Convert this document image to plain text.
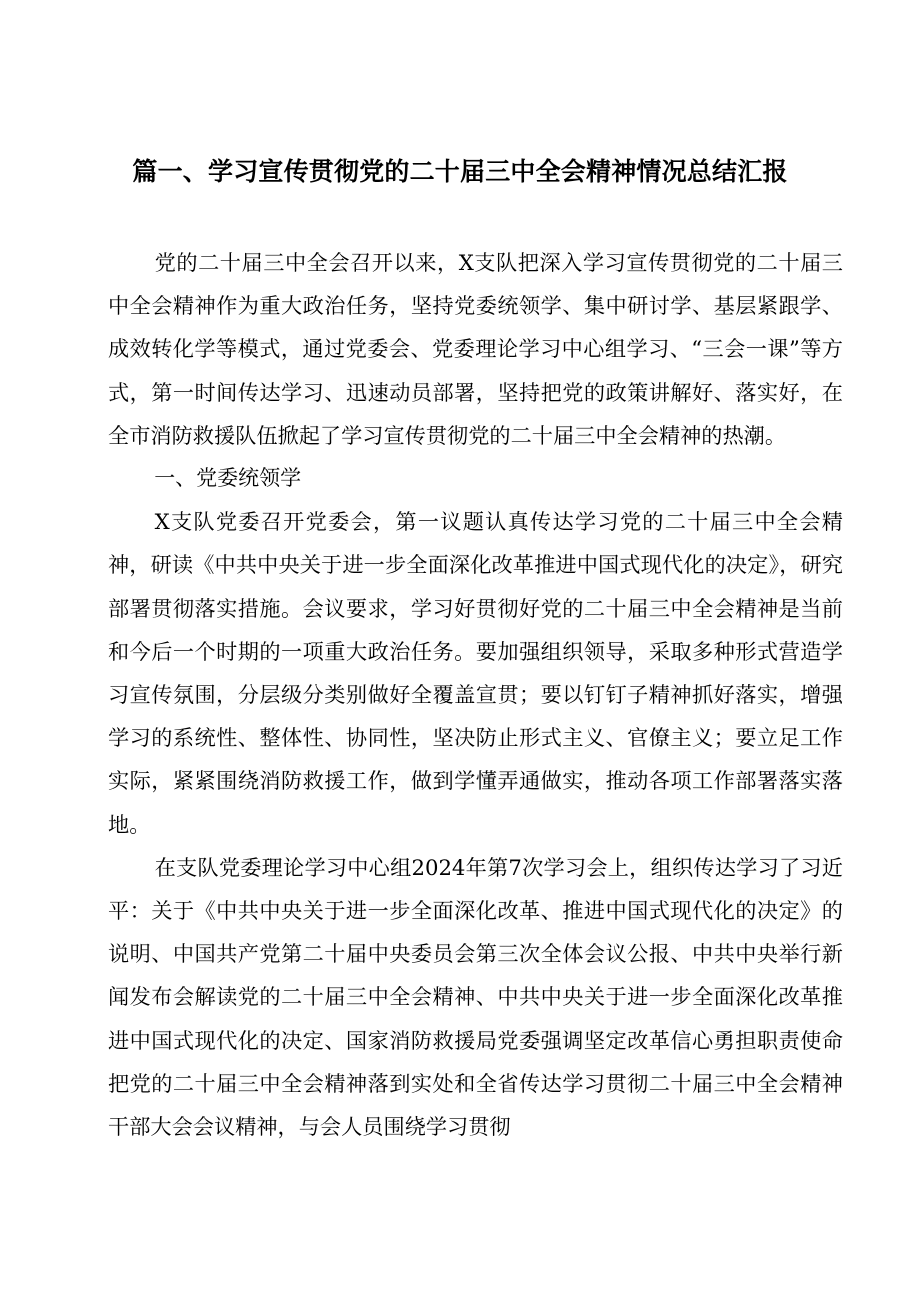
篇一、学习宣传贯彻党的二十届三中全会精神情况总结汇报

党的二十届三中全会召开以来，X支队把深入学习宣传贯彻党的二十届三中全会精神作为重大政治任务，坚持党委统领学、集中研讨学、基层紧跟学、成效转化学等模式，通过党委会、党委理论学习中心组学习、“三会一课”等方式，第一时间传达学习、迅速动员部署，坚持把党的政策讲解好、落实好，在全市消防救援队伍掀起了学习宣传贯彻党的二十届三中全会精神的热潮。

一、党委统领学

X支队党委召开党委会，第一议题认真传达学习党的二十届三中全会精神，研读《中共中央关于进一步全面深化改革推进中国式现代化的决定》，研究部署贯彻落实措施。会议要求，学习好贯彻好党的二十届三中全会精神是当前和今后一个时期的一项重大政治任务。要加强组织领导，采取多种形式营造学习宣传氛围，分层级分类别做好全覆盖宣贯；要以钉钉子精神抓好落实，增强学习的系统性、整体性、协同性，坚决防止形式主义、官僚主义；要立足工作实际，紧紧围绕消防救援工作，做到学懂弄通做实，推动各项工作部署落实落地。

在支队党委理论学习中心组2024年第7次学习会上，组织传达学习了习近平：关于《中共中央关于进一步全面深化改革、推进中国式现代化的决定》的说明、中国共产党第二十届中央委员会第三次全体会议公报、中共中央举行新闻发布会解读党的二十届三中全会精神、中共中央关于进一步全面深化改革推进中国式现代化的决定、国家消防救援局党委强调坚定改革信心勇担职责使命把党的二十届三中全会精神落到实处和全省传达学习贯彻二十届三中全会精神干部大会会议精神，与会人员围绕学习贯彻
